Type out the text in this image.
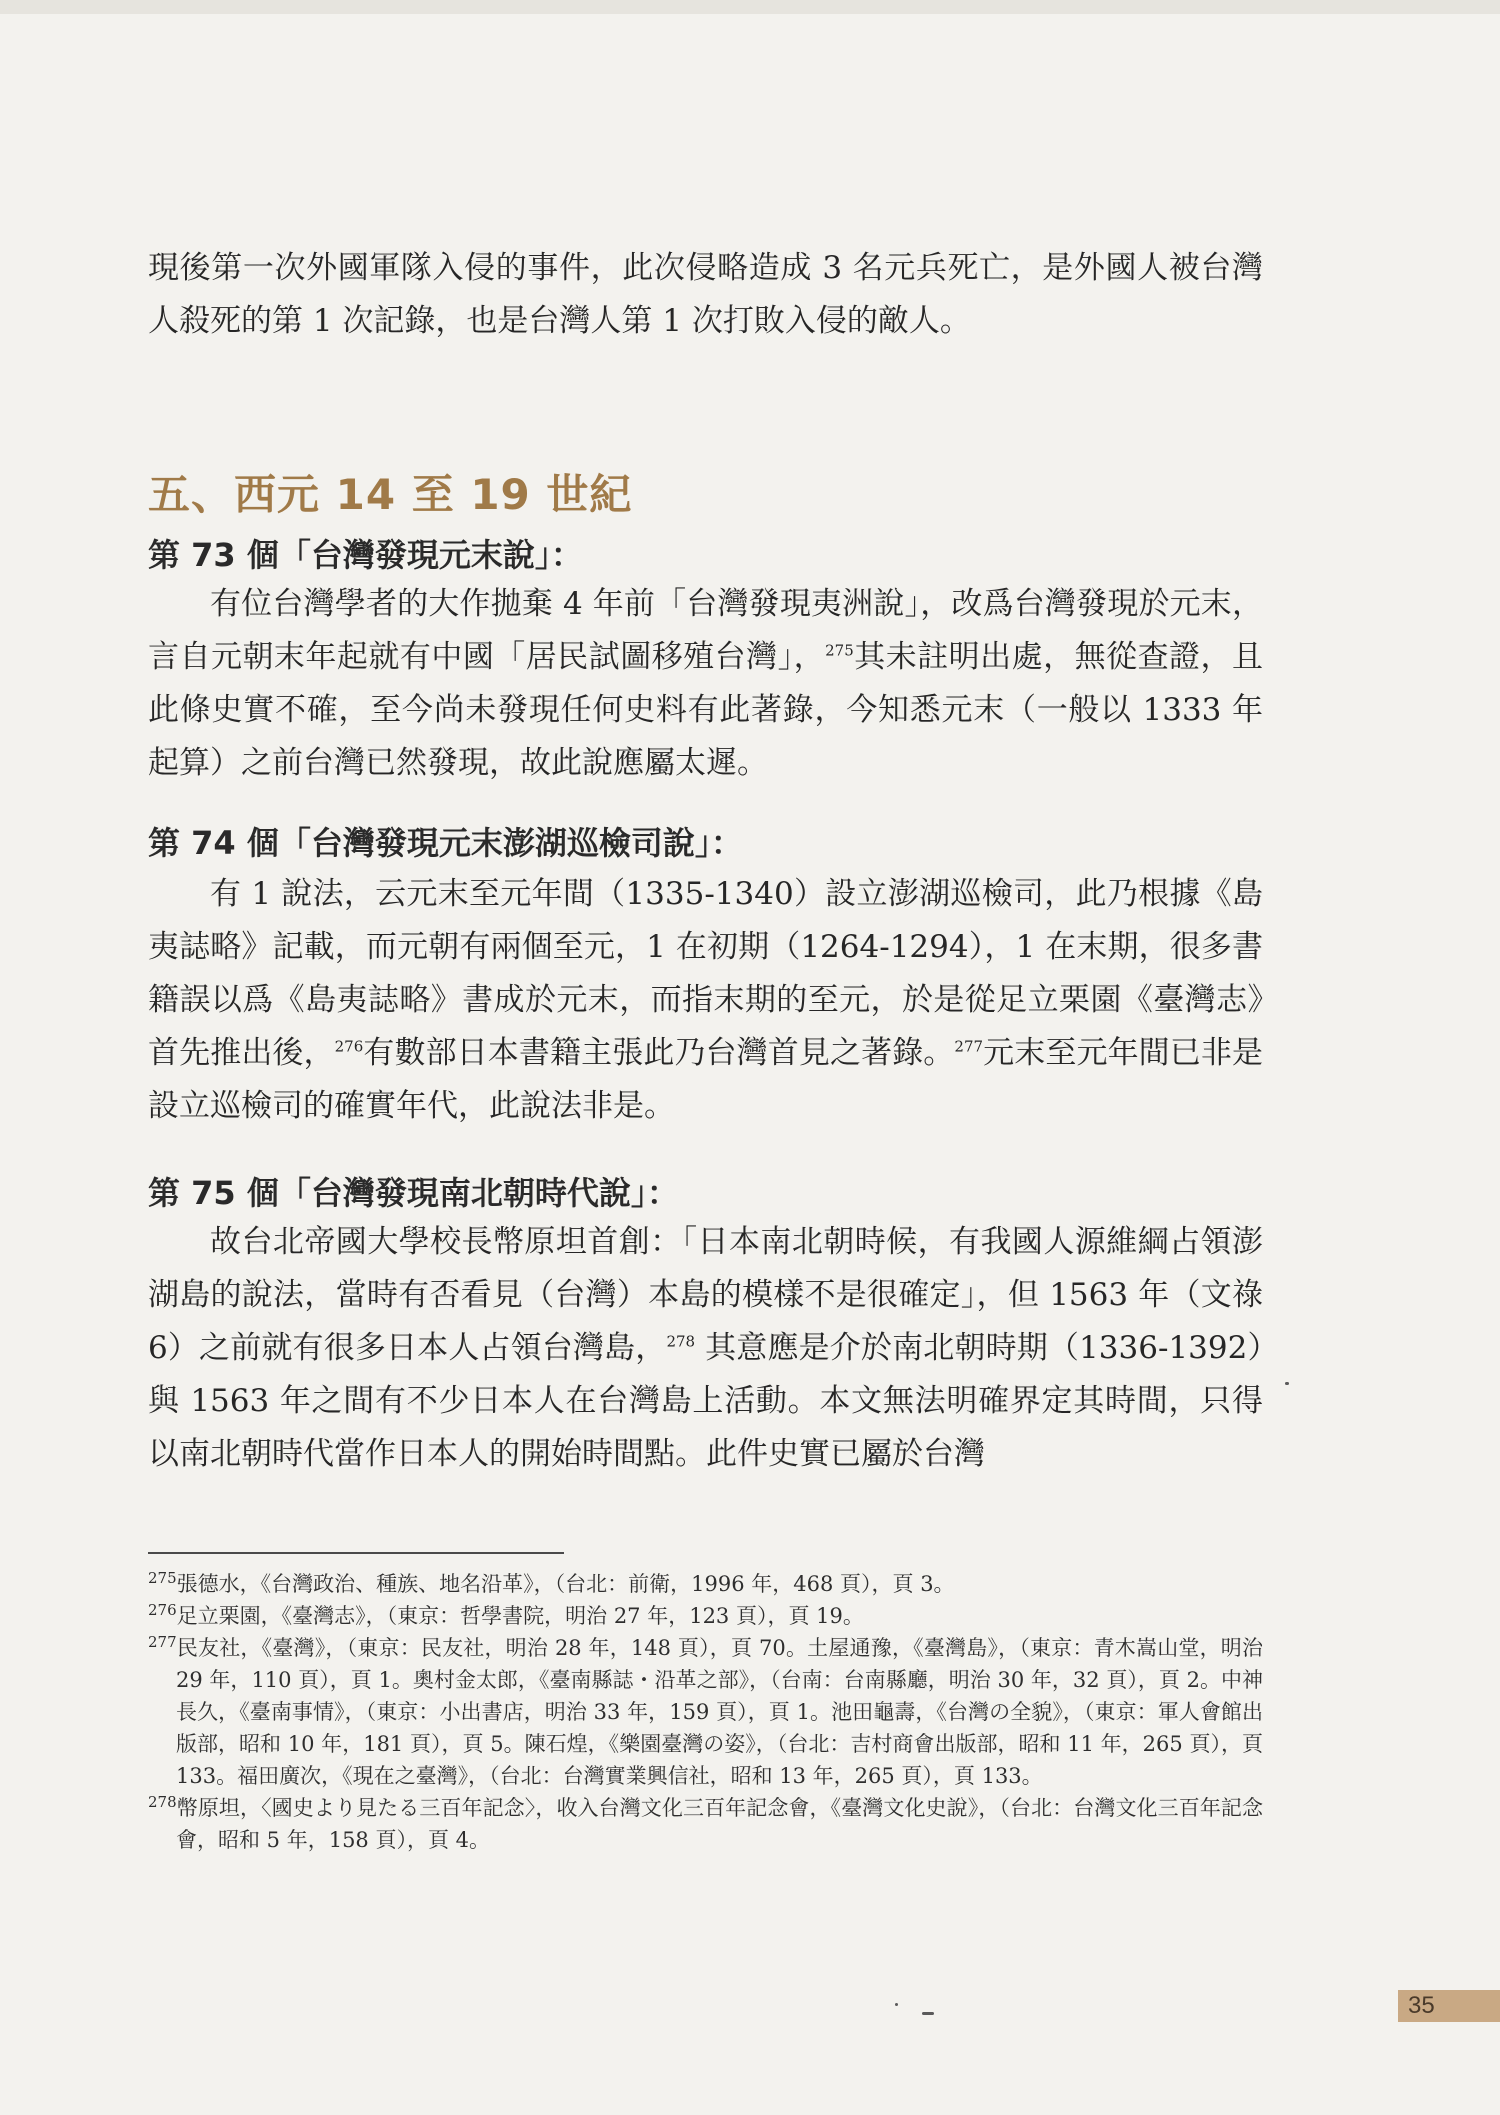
現後第一次外國軍隊入侵的事件，此次侵略造成 3 名元兵死亡，是外國人被台灣人殺死的第 1 次記錄，也是台灣人第 1 次打敗入侵的敵人。
五、西元 14 至 19 世紀
第 73 個「台灣發現元末說」：
有位台灣學者的大作拋棄 4 年前「台灣發現夷洲說」，改爲台灣發現於元末，言自元朝末年起就有中國「居民試圖移殖台灣」，$^{275}$其未註明出處，無從查證，且此條史實不確，至今尚未發現任何史料有此著錄，今知悉元末（一般以 1333 年起算）之前台灣已然發現，故此說應屬太遲。
第 74 個「台灣發現元末澎湖巡檢司說」：
有 1 說法，云元末至元年間（1335-1340）設立澎湖巡檢司，此乃根據《島夷誌略》記載，而元朝有兩個至元，1 在初期（1264-1294），1 在末期，很多書籍誤以爲《島夷誌略》書成於元末，而指末期的至元，於是從足立栗園《臺灣志》首先推出後，$^{276}$有數部日本書籍主張此乃台灣首見之著錄。$^{277}$元末至元年間已非是設立巡檢司的確實年代，此說法非是。
第 75 個「台灣發現南北朝時代說」：
故台北帝國大學校長幣原坦首創：「日本南北朝時候，有我國人源維綱占領澎湖島的說法，當時有否看見（台灣）本島的模樣不是很確定」，但 1563 年（文祿 6）之前就有很多日本人占領台灣島，$^{278}$ 其意應是介於南北朝時期（1336-1392）與 1563 年之間有不少日本人在台灣島上活動。本文無法明確界定其時間，只得以南北朝時代當作日本人的開始時間點。此件史實已屬於台灣
$^{275}$張德水，《台灣政治、種族、地名沿革》，（台北：前衛，1996 年，468 頁），頁 3。
$^{276}$足立栗園，《臺灣志》，（東京：哲學書院，明治 27 年，123 頁），頁 19。
$^{277}$民友社，《臺灣》，（東京：民友社，明治 28 年，148 頁），頁 70。土屋通豫，《臺灣島》，（東京：青木嵩山堂，明治 29 年，110 頁），頁 1。奧村金太郎，《臺南縣誌・沿革之部》，（台南：台南縣廳，明治 30 年，32 頁），頁 2。中神長久，《臺南事情》，（東京：小出書店，明治 33 年，159 頁），頁 1。池田龜壽，《台灣の全貌》，（東京：軍人會館出版部，昭和 10 年，181 頁），頁 5。陳石煌，《樂園臺灣の姿》，（台北：吉村商會出版部，昭和 11 年，265 頁），頁 133。福田廣次，《現在之臺灣》，（台北：台灣實業興信社，昭和 13 年，265 頁），頁 133。
$^{278}$幣原坦，〈國史より見たる三百年記念〉，收入台灣文化三百年記念會，《臺灣文化史說》，（台北：台灣文化三百年記念會，昭和 5 年，158 頁），頁 4。
35
